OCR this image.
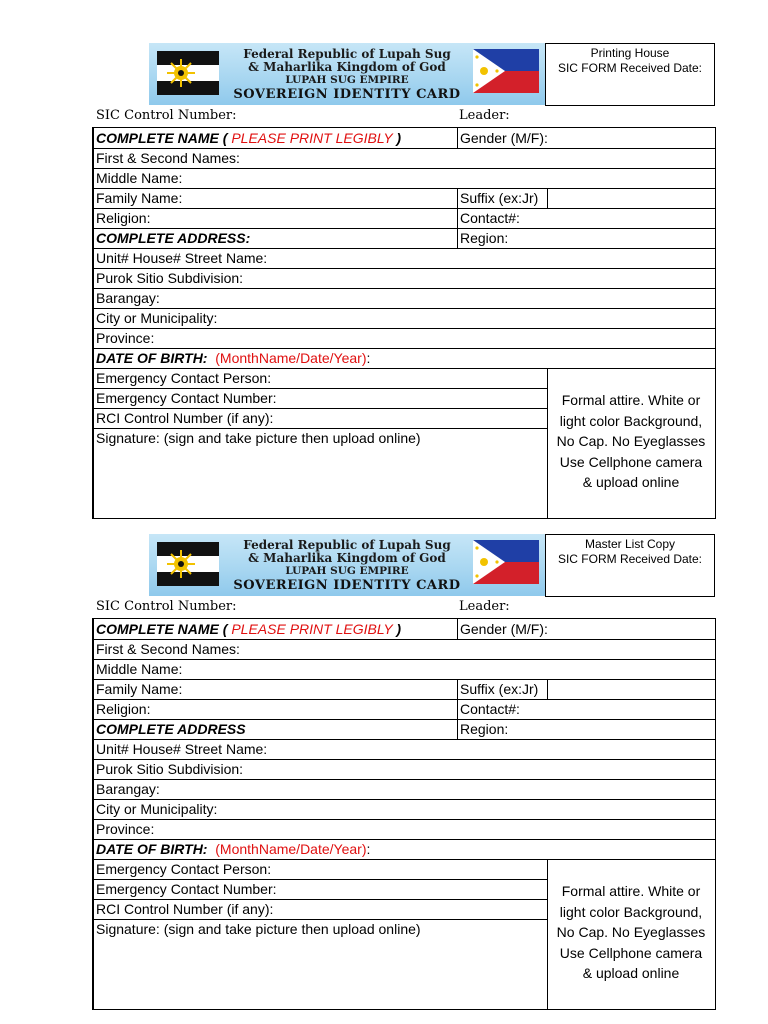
Federal Republic of Lupah Sug
& Maharlika Kingdom of God
LUPAH SUG EMPIRE
SOVEREIGN IDENTITY CARD
Printing House
SIC FORM Received Date:
SIC Control Number:	Leader:
COMPLETE NAME ( PLEASE PRINT LEGIBLY )	Gender (M/F):
First & Second Names:
Middle Name:
Family Name:	Suffix (ex:Jr)
Religion:	Contact#:
COMPLETE ADDRESS:	Region:
Unit# House# Street Name:
Purok Sitio Subdivision:
Barangay:
City or Municipality:
Province:
DATE OF BIRTH: (MonthName/Date/Year):
Emergency Contact Person:
Emergency Contact Number:
RCI Control Number (if any):
Signature: (sign and take picture then upload online)
Formal attire. White or
light color Background,
No Cap. No Eyeglasses
Use Cellphone camera
& upload online
Federal Republic of Lupah Sug
& Maharlika Kingdom of God
LUPAH SUG EMPIRE
SOVEREIGN IDENTITY CARD
Master List Copy
SIC FORM Received Date:
SIC Control Number:	Leader:
COMPLETE NAME ( PLEASE PRINT LEGIBLY )	Gender (M/F):
First & Second Names:
Middle Name:
Family Name:	Suffix (ex:Jr)
Religion:	Contact#:
COMPLETE ADDRESS	Region:
Unit# House# Street Name:
Purok Sitio Subdivision:
Barangay:
City or Municipality:
Province:
DATE OF BIRTH: (MonthName/Date/Year):
Emergency Contact Person:
Emergency Contact Number:
RCI Control Number (if any):
Signature: (sign and take picture then upload online)
Formal attire. White or
light color Background,
No Cap. No Eyeglasses
Use Cellphone camera
& upload online
